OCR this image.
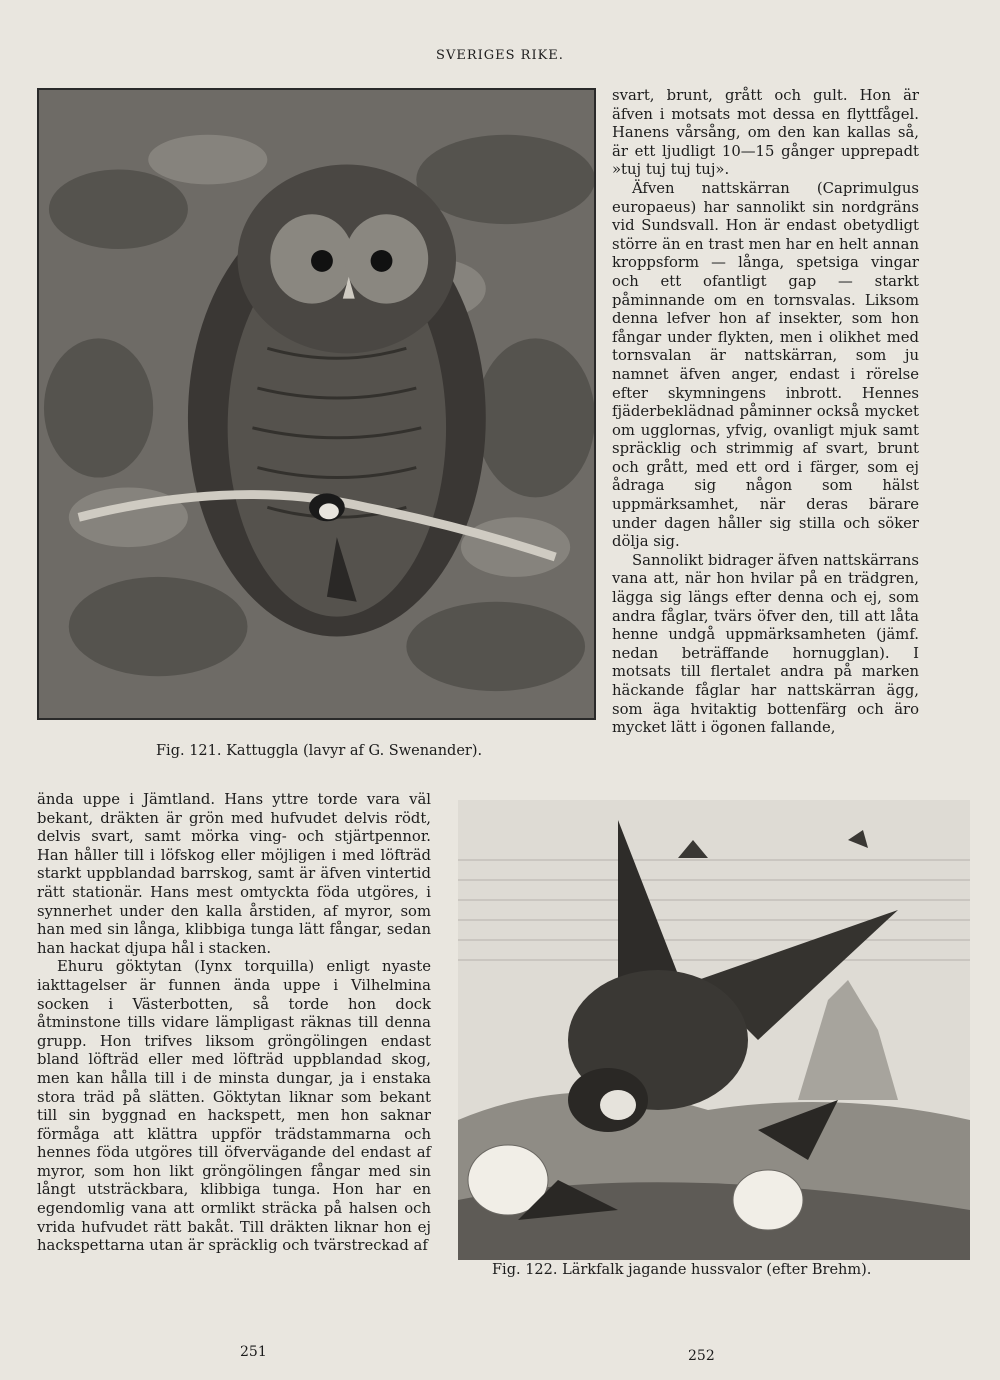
SVERIGES RIKE.
Fig. 121. Kattuggla (lavyr af G. Swenander).

svart, brunt, grått och gult. Hon är äfven i motsats mot dessa en flyttfågel. Hanens vårsång, om den kan kallas så, är ett ljudligt 10—15 gånger upprepadt »tuj tuj tuj tuj».

Äfven nattskärran (Caprimulgus europaeus) har sannolikt sin nordgräns vid Sundsvall. Hon är endast obetydligt större än en trast men har en helt annan kroppsform — långa, spetsiga vingar och ett ofantligt gap — starkt påminnande om en tornsvalas. Liksom denna lefver hon af insekter, som hon fångar under flykten, men i olikhet med tornsvalan är nattskärran, som ju namnet äfven anger, endast i rörelse efter skymningens inbrott. Hennes fjäderbeklädnad påminner också mycket om ugglornas, yfvig, ovanligt mjuk samt spräcklig och strimmig af svart, brunt och grått, med ett ord i färger, som ej ådraga sig någon som hälst uppmärksamhet, när deras bärare under dagen håller sig stilla och söker dölja sig.

Sannolikt bidrager äfven nattskärrans vana att, när hon hvilar på en trädgren, lägga sig längs efter denna och ej, som andra fåglar, tvärs öfver den, till att låta henne undgå uppmärksamheten (jämf. nedan beträffande hornugglan). I motsats till flertalet andra på marken häckande fåglar har nattskärran ägg, som äga hvitaktig bottenfärg och äro mycket lätt i ögonen fallande,

ända uppe i Jämtland. Hans yttre torde vara väl bekant, dräkten är grön med hufvudet delvis rödt, delvis svart, samt mörka ving- och stjärtpennor. Han håller till i löfskog eller möjligen i med löfträd starkt uppblandad barrskog, samt är äfven vintertid rätt stationär. Hans mest omtyckta föda utgöres, i synnerhet under den kalla årstiden, af myror, som han med sin långa, klibbiga tunga lätt fångar, sedan han hackat djupa hål i stacken.

Ehuru göktytan (Iynx torquilla) enligt nyaste iakttagelser är funnen ända uppe i Vilhelmina socken i Västerbotten, så torde hon dock åtminstone tills vidare lämpligast räknas till denna grupp. Hon trifves liksom gröngölingen endast bland löfträd eller med löfträd uppblandad skog, men kan hålla till i de minsta dungar, ja i enstaka stora träd på slätten. Göktytan liknar som bekant till sin byggnad en hackspett, men hon saknar förmåga att klättra uppför trädstammarna och hennes föda utgöres till öfvervägande del endast af myror, som hon likt gröngölingen fångar med sin långt utsträckbara, klibbiga tunga. Hon har en egendomlig vana att ormlikt sträcka på halsen och vrida hufvudet rätt bakåt. Till dräkten liknar hon ej hackspettarna utan är spräcklig och tvärstreckad af

Fig. 122. Lärkfalk jagande hussvalor (efter Brehm).
251	252
